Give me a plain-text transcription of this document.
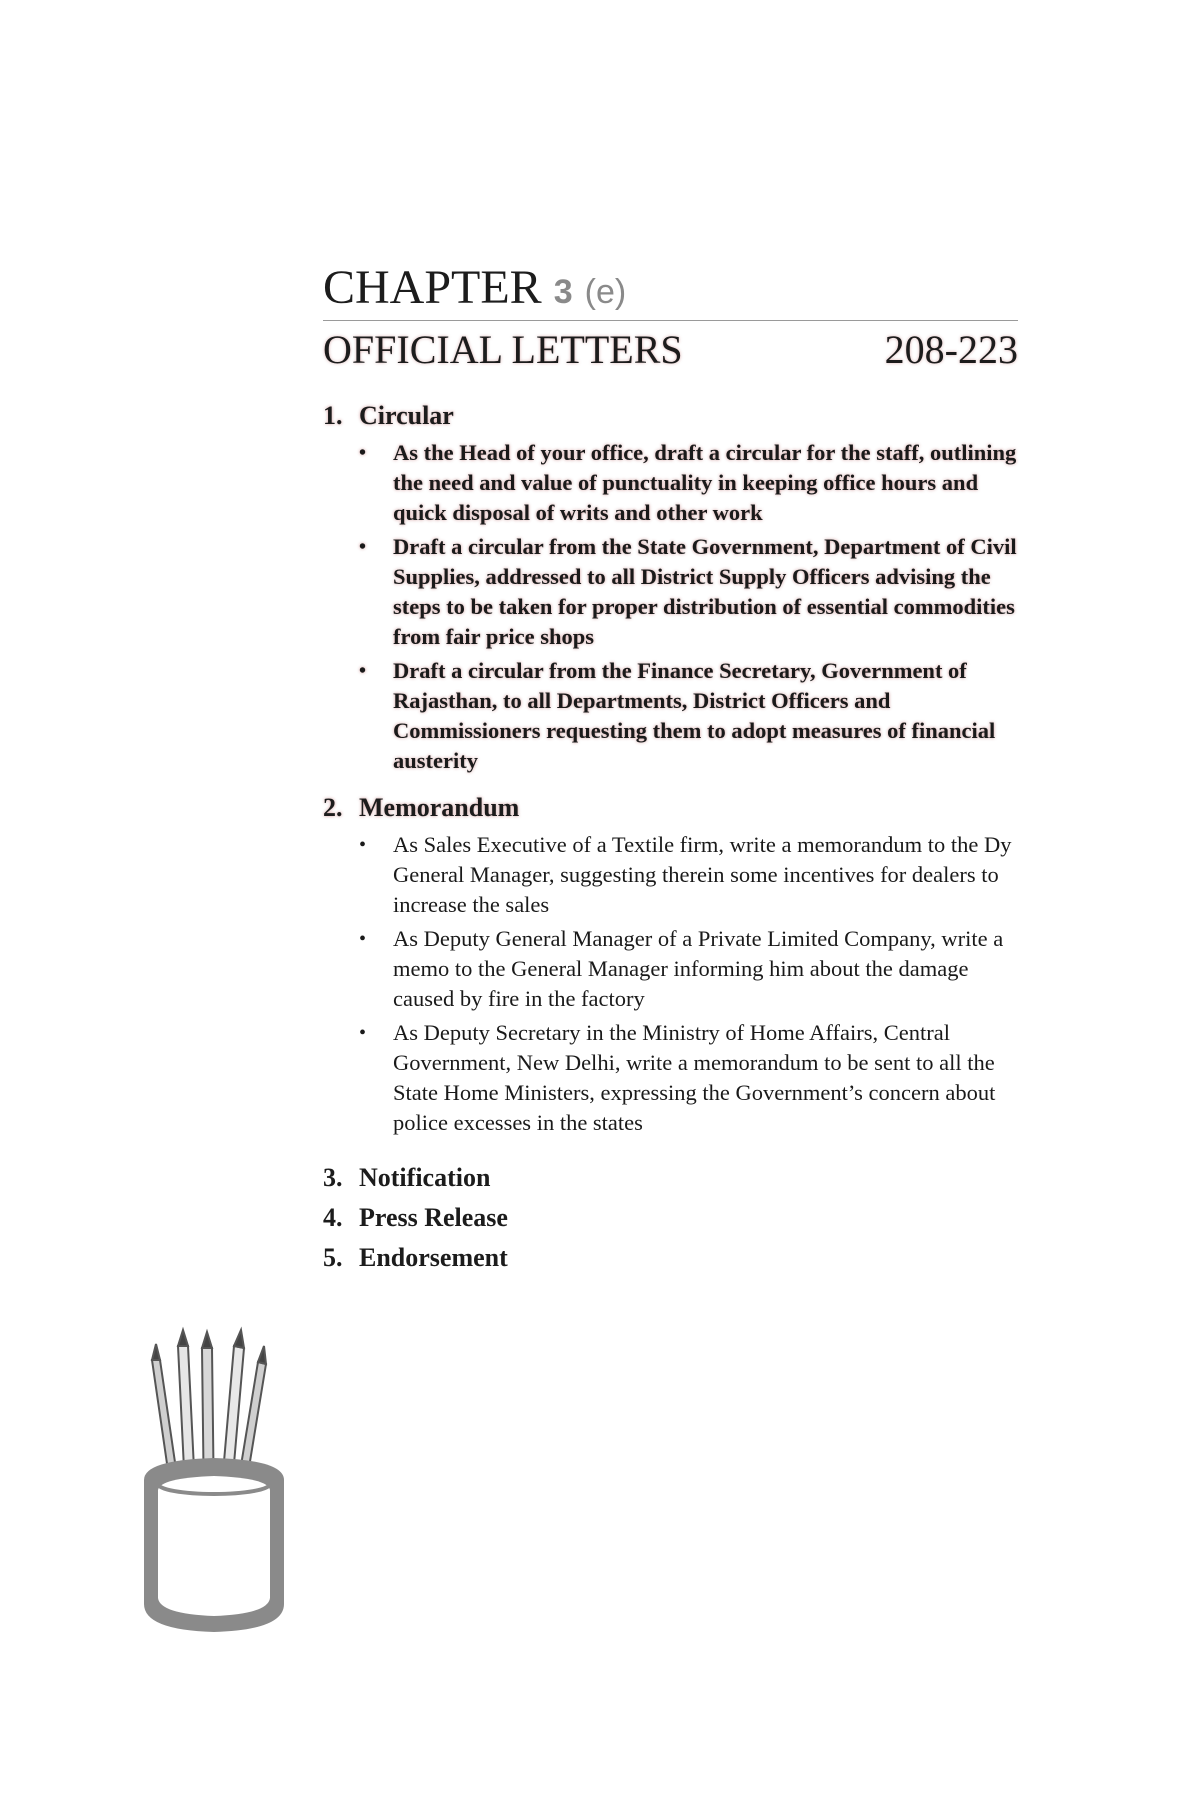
CHAPTER 3 (e)
OFFICIAL LETTERS	208-223

1. Circular

• As the Head of your office, draft a circular for the staff, outlining the need and value of punctuality in keeping office hours and quick disposal of writs and other work
• Draft a circular from the State Government, Department of Civil Supplies, addressed to all District Supply Officers advising the steps to be taken for proper distribution of essential commodities from fair price shops
• Draft a circular from the Finance Secretary, Government of Rajasthan, to all Departments, District Officers and Commissioners requesting them to adopt measures of financial austerity

2. Memorandum

• As Sales Executive of a Textile firm, write a memorandum to the Dy General Manager, suggesting therein some incentives for dealers to increase the sales
• As Deputy General Manager of a Private Limited Company, write a memo to the General Manager informing him about the damage caused by fire in the factory
• As Deputy Secretary in the Ministry of Home Affairs, Central Government, New Delhi, write a memorandum to be sent to all the State Home Ministers, expressing the Government’s concern about police excesses in the states
3. Notification
4. Press Release
5. Endorsement
